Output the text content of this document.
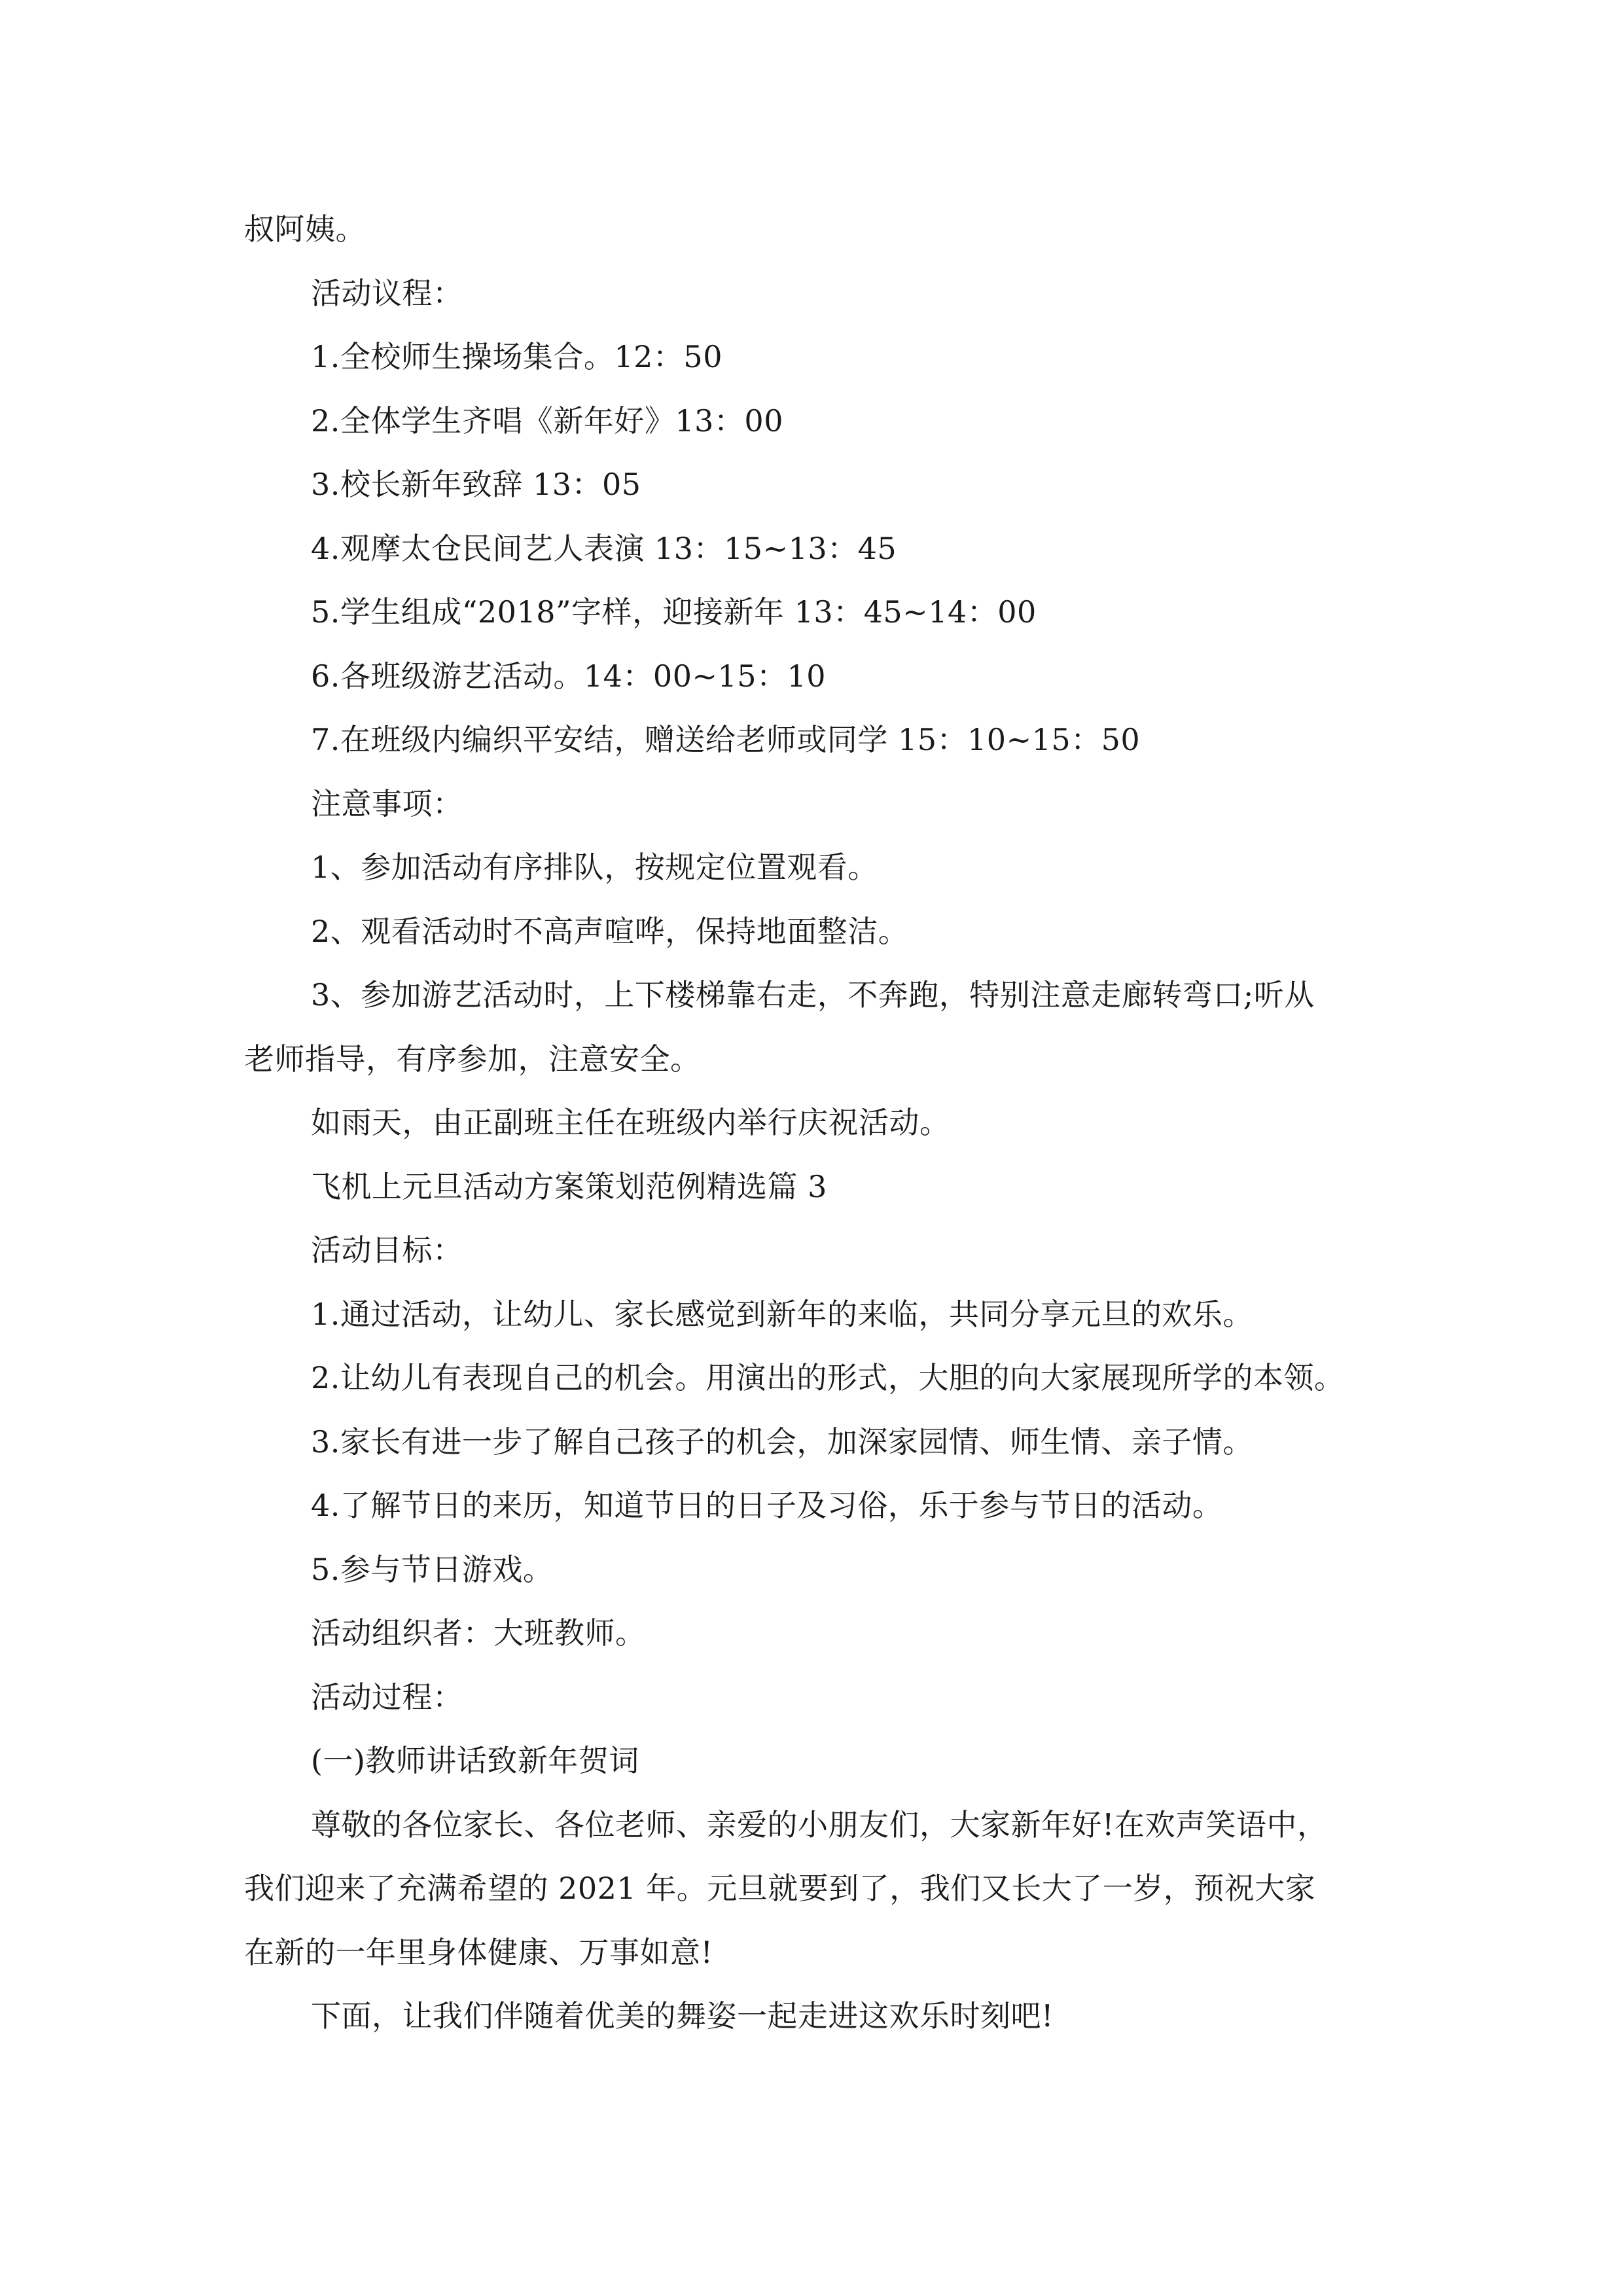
叔阿姨。

活动议程：

1.全校师生操场集合。12：50

2.全体学生齐唱《新年好》13：00

3.校长新年致辞 13：05

4.观摩太仓民间艺人表演 13：15~13：45

5.学生组成“2018”字样，迎接新年 13：45~14：00

6.各班级游艺活动。14：00~15：10

7.在班级内编织平安结，赠送给老师或同学 15：10~15：50

注意事项：

1、参加活动有序排队，按规定位置观看。

2、观看活动时不高声喧哗，保持地面整洁。

3、参加游艺活动时，上下楼梯靠右走，不奔跑，特别注意走廊转弯口;听从

老师指导，有序参加，注意安全。

如雨天，由正副班主任在班级内举行庆祝活动。

飞机上元旦活动方案策划范例精选篇 3

活动目标：

1.通过活动，让幼儿、家长感觉到新年的来临，共同分享元旦的欢乐。

2.让幼儿有表现自己的机会。用演出的形式，大胆的向大家展现所学的本领。

3.家长有进一步了解自己孩子的机会，加深家园情、师生情、亲子情。

4.了解节日的来历，知道节日的日子及习俗，乐于参与节日的活动。

5.参与节日游戏。

活动组织者：大班教师。

活动过程：

(一)教师讲话致新年贺词

尊敬的各位家长、各位老师、亲爱的小朋友们，大家新年好!在欢声笑语中，

我们迎来了充满希望的 2021 年。元旦就要到了，我们又长大了一岁，预祝大家

在新的一年里身体健康、万事如意!

下面，让我们伴随着优美的舞姿一起走进这欢乐时刻吧!
